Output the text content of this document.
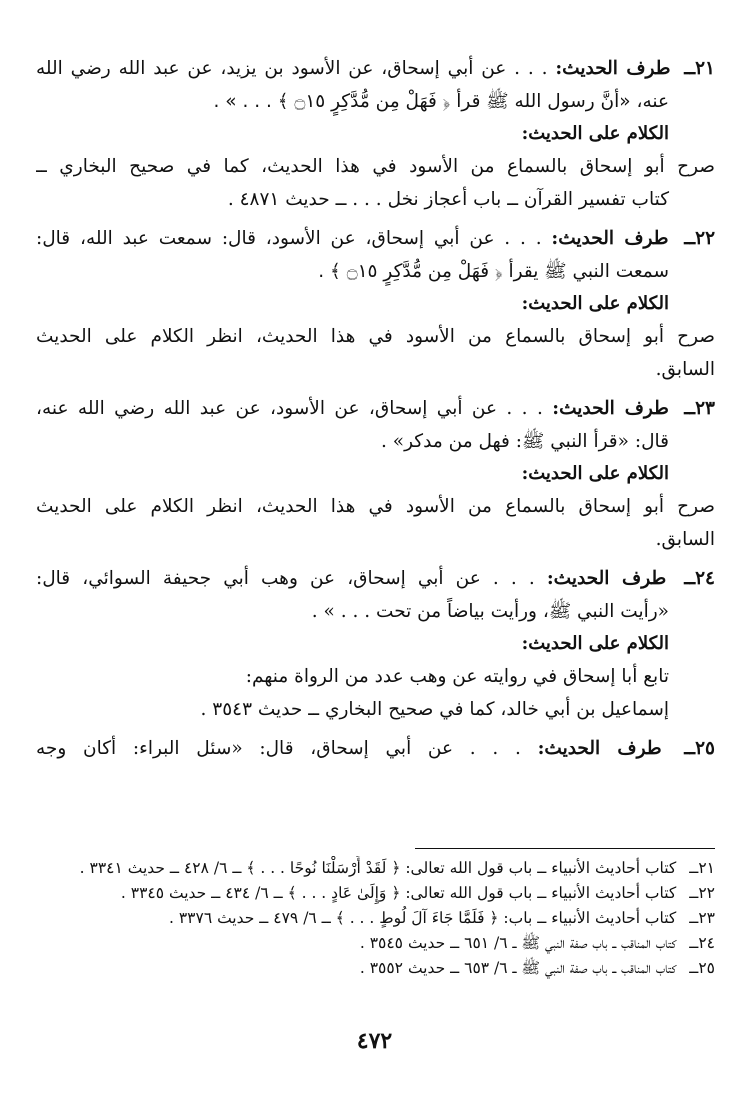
٢١ــ طرف الحديث: . . . عن أبي إسحاق، عن الأسود بن يزيد، عن عبد الله رضي الله
عنه، «أنَّ رسول الله ﷺ قرأ ﴿ فَهَلْ مِن مُّدَّكِرٍ ۝١٥ ﴾ . . . » .
الكلام على الحديث:
صرح أبو إسحاق بالسماع من الأسود في هذا الحديث، كما في صحيح البخاري ــ
كتاب تفسير القرآن ــ باب أعجاز نخل . . . ــ حديث ٤٨٧١ .
٢٢ــ طرف الحديث: . . . عن أبي إسحاق، عن الأسود، قال: سمعت عبد الله، قال:
سمعت النبي ﷺ يقرأ ﴿ فَهَلْ مِن مُّدَّكِرٍ ۝١٥ ﴾ .
الكلام على الحديث:
صرح أبو إسحاق بالسماع من الأسود في هذا الحديث، انظر الكلام على الحديث
السابق.
٢٣ــ طرف الحديث: . . . عن أبي إسحاق، عن الأسود، عن عبد الله رضي الله عنه،
قال: «قرأ النبي ﷺ: فهل من مدكر» .
الكلام على الحديث:
صرح أبو إسحاق بالسماع من الأسود في هذا الحديث، انظر الكلام على الحديث
السابق.
٢٤ــ طرف الحديث: . . . عن أبي إسحاق، عن وهب أبي جحيفة السوائي، قال:
«رأيت النبي ﷺ، ورأيت بياضاً من تحت . . . » .
الكلام على الحديث:
تابع أبا إسحاق في روايته عن وهب عدد من الرواة منهم:
إسماعيل بن أبي خالد، كما في صحيح البخاري ــ حديث ٣٥٤٣ .
٢٥ــ طرف الحديث: . . . عن أبي إسحاق، قال: «سئل البراء: أكان وجه
٢١ــ كتاب أحاديث الأنبياء ــ باب قول الله تعالى: ﴿ لَقَدْ أَرْسَلْنَا نُوحًا . . . ﴾ ــ ٦/ ٤٢٨ ــ حديث ٣٣٤١ .
٢٢ــ كتاب أحاديث الأنبياء ــ باب قول الله تعالى: ﴿ وَإِلَىٰ عَادٍ . . . ﴾ ــ ٦/ ٤٣٤ ــ حديث ٣٣٤٥ .
٢٣ــ كتاب أحاديث الأنبياء ــ باب: ﴿ فَلَمَّا جَاءَ آلَ لُوطٍ . . . ﴾ ــ ٦/ ٤٧٩ ــ حديث ٣٣٧٦ .
٢٤ــ كتاب المناقب ــ باب صفة النبي ﷺ ــ ٦/ ٦٥١ ــ حديث ٣٥٤٥ .
٢٥ــ كتاب المناقب ــ باب صفة النبي ﷺ ــ ٦/ ٦٥٣ ــ حديث ٣٥٥٢ .
٤٧٢
